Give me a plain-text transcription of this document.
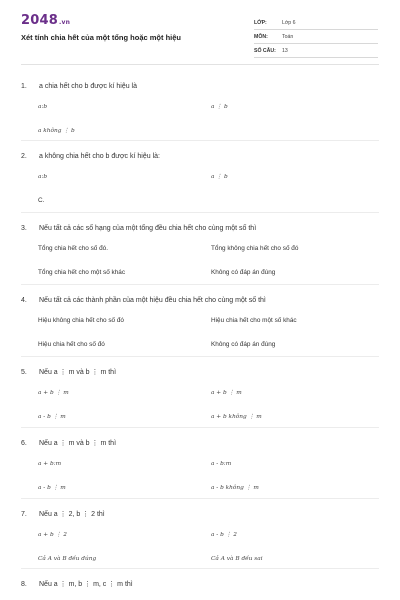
2048.vn
Xét tính chia hết của một tổng hoặc một hiệu
LỚP:	Lớp 6
MÔN:	Toán
SỐ CÂU:	13
1.	a chia hết cho b được kí hiệu là
a:b	a ⋮ b
a không ⋮ b
2.	a không chia hết cho b được kí hiệu là:
a:b	a ⋮ b
C.
3.	Nếu tất cả các số hạng của một tổng đều chia hết cho cùng một số thì
Tổng chia hết cho số đó.	Tổng không chia hết cho số đó
Tổng chia hết cho một số khác	Không có đáp án đúng
4.	Nếu tất cả các thành phần của một hiệu đều chia hết cho cùng một số thì
Hiệu không chia hết cho số đó	Hiệu chia hết cho một số khác
Hiệu chia hết cho số đó	Không có đáp án đúng
5.	Nếu a ⋮ m và b ⋮ m thì
a + b ⋮ m	a + b ⋮ m
a - b ⋮ m	a + b không ⋮ m
6.	Nếu a ⋮ m và b ⋮ m thì
a + b:m	a - b:m
a - b ⋮ m	a - b không ⋮ m
7.	Nếu a ⋮ 2, b ⋮ 2 thì
a + b ⋮ 2	a - b ⋮ 2
Cả A và B đều đúng	Cả A và B đều sai
8.	Nếu a ⋮ m, b ⋮ m, c ⋮ m thì
